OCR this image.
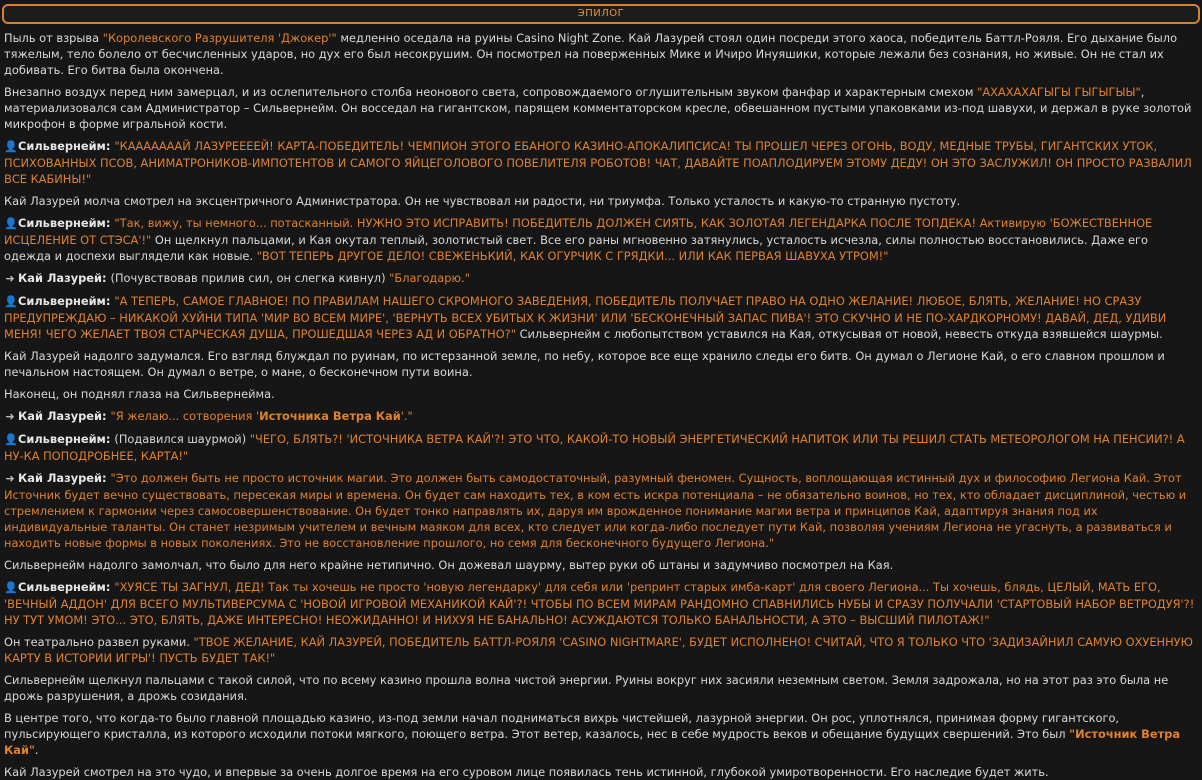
ЭПИЛОГ
Пыль от взрыва "Королевского Разрушителя 'Джокер'" медленно оседала на руины Casino Night Zone. Кай Лазурей стоял один посреди этого хаоса, победитель Баттл-Рояля. Его дыхание было тяжелым, тело болело от бесчисленных ударов, но дух его был несокрушим. Он посмотрел на поверженных Мике и Ичиро Инуяшики, которые лежали без сознания, но живые. Он не стал их добивать. Его битва была окончена.
Внезапно воздух перед ним замерцал, и из ослепительного столба неонового света, сопровождаемого оглушительным звуком фанфар и характерным смехом "АХАХАХАГЫГЫ ГЫГЫГЫЫ", материализовался сам Администратор – Сильвернейм. Он восседал на гигантском, парящем комментаторском кресле, обвешанном пустыми упаковками из-под шавухи, и держал в руке золотой микрофон в форме игральной кости.
👤Сильвернейм: "КАААААААЙ ЛАЗУРЕЕЕЕЙ! КАРТА-ПОБЕДИТЕЛЬ! ЧЕМПИОН ЭТОГО ЕБАНОГО КАЗИНО-АПОКАЛИПСИСА! ТЫ ПРОШЕЛ ЧЕРЕЗ ОГОНЬ, ВОДУ, МЕДНЫЕ ТРУБЫ, ГИГАНТСКИХ УТОК, ПСИХОВАННЫХ ПСОВ, АНИМАТРОНИКОВ-ИМПОТЕНТОВ И САМОГО ЯЙЦЕГОЛОВОГО ПОВЕЛИТЕЛЯ РОБОТОВ! ЧАТ, ДАВАЙТЕ ПОАПЛОДИРУЕМ ЭТОМУ ДЕДУ! ОН ЭТО ЗАСЛУЖИЛ! ОН ПРОСТО РАЗВАЛИЛ ВСЕ КАБИНЫ!"
Кай Лазурей молча смотрел на эксцентричного Администратора. Он не чувствовал ни радости, ни триумфа. Только усталость и какую-то странную пустоту.
👤Сильвернейм: "Так, вижу, ты немного... потасканный. НУЖНО ЭТО ИСПРАВИТЬ! ПОБЕДИТЕЛЬ ДОЛЖЕН СИЯТЬ, КАК ЗОЛОТАЯ ЛЕГЕНДАРКА ПОСЛЕ ТОПДЕКА! Активирую 'БОЖЕСТВЕННОЕ ИСЦЕЛЕНИЕ ОТ СТЭСА'!" Он щелкнул пальцами, и Кая окутал теплый, золотистый свет. Все его раны мгновенно затянулись, усталость исчезла, силы полностью восстановились. Даже его одежда и доспехи выглядели как новые. "ВОТ ТЕПЕРЬ ДРУГОЕ ДЕЛО! СВЕЖЕНЬКИЙ, КАК ОГУРЧИК С ГРЯДКИ... ИЛИ КАК ПЕРВАЯ ШАВУХА УТРОМ!"
➜ Кай Лазурей: (Почувствовав прилив сил, он слегка кивнул) "Благодарю."
👤Сильвернейм: "А ТЕПЕРЬ, САМОЕ ГЛАВНОЕ! ПО ПРАВИЛАМ НАШЕГО СКРОМНОГО ЗАВЕДЕНИЯ, ПОБЕДИТЕЛЬ ПОЛУЧАЕТ ПРАВО НА ОДНО ЖЕЛАНИЕ! ЛЮБОЕ, БЛЯТЬ, ЖЕЛАНИЕ! НО СРАЗУ ПРЕДУПРЕЖДАЮ – НИКАКОЙ ХУЙНИ ТИПА 'МИР ВО ВСЕМ МИРЕ', 'ВЕРНУТЬ ВСЕХ УБИТЫХ К ЖИЗНИ' ИЛИ 'БЕСКОНЕЧНЫЙ ЗАПАС ПИВА'! ЭТО СКУЧНО И НЕ ПО-ХАРДКОРНОМУ! ДАВАЙ, ДЕД, УДИВИ МЕНЯ! ЧЕГО ЖЕЛАЕТ ТВОЯ СТАРЧЕСКАЯ ДУША, ПРОШЕДШАЯ ЧЕРЕЗ АД И ОБРАТНО?" Сильвернейм с любопытством уставился на Кая, откусывая от новой, невесть откуда взявшейся шаурмы.
Кай Лазурей надолго задумался. Его взгляд блуждал по руинам, по истерзанной земле, по небу, которое все еще хранило следы его битв. Он думал о Легионе Кай, о его славном прошлом и печальном настоящем. Он думал о ветре, о мане, о бесконечном пути воина.
Наконец, он поднял глаза на Сильвернейма.
➜ Кай Лазурей: "Я желаю... сотворения 'Источника Ветра Кай'."
👤Сильвернейм: (Подавился шаурмой) "ЧЕГО, БЛЯТЬ?! 'ИСТОЧНИКА ВЕТРА КАЙ'?! ЭТО ЧТО, КАКОЙ-ТО НОВЫЙ ЭНЕРГЕТИЧЕСКИЙ НАПИТОК ИЛИ ТЫ РЕШИЛ СТАТЬ МЕТЕОРОЛОГОМ НА ПЕНСИИ?! А НУ-КА ПОПОДРОБНЕЕ, КАРТА!"
➜ Кай Лазурей: "Это должен быть не просто источник магии. Это должен быть самодостаточный, разумный феномен. Сущность, воплощающая истинный дух и философию Легиона Кай. Этот Источник будет вечно существовать, пересекая миры и времена. Он будет сам находить тех, в ком есть искра потенциала – не обязательно воинов, но тех, кто обладает дисциплиной, честью и стремлением к гармонии через самосовершенствование. Он будет тонко направлять их, даруя им врожденное понимание магии ветра и принципов Кай, адаптируя знания под их индивидуальные таланты. Он станет незримым учителем и вечным маяком для всех, кто следует или когда-либо последует пути Кай, позволяя учениям Легиона не угаснуть, а развиваться и находить новые формы в новых поколениях. Это не восстановление прошлого, но семя для бесконечного будущего Легиона."
Сильвернейм надолго замолчал, что было для него крайне нетипично. Он дожевал шаурму, вытер руки об штаны и задумчиво посмотрел на Кая.
👤Сильвернейм: "ХУЯСЕ ТЫ ЗАГНУЛ, ДЕД! Так ты хочешь не просто 'новую легендарку' для себя или 'репринт старых имба-карт' для своего Легиона... Ты хочешь, блядь, ЦЕЛЫЙ, МАТЬ ЕГО, 'ВЕЧНЫЙ АДДОН' ДЛЯ ВСЕГО МУЛЬТИВЕРСУМА С 'НОВОЙ ИГРОВОЙ МЕХАНИКОЙ КАЙ'?! ЧТОБЫ ПО ВСЕМ МИРАМ РАНДОМНО СПАВНИЛИСЬ НУБЫ И СРАЗУ ПОЛУЧАЛИ 'СТАРТОВЫЙ НАБОР ВЕТРОДУЯ'?! НУ ТУТ УМОМ! ЭТО... ЭТО, БЛЯТЬ, ДАЖЕ ИНТЕРЕСНО! НЕОЖИДАННО! И НИХУЯ НЕ БАНАЛЬНО! АСУЖДАЮТСЯ ТОЛЬКО БАНАЛЬНОСТИ, А ЭТО – ВЫСШИЙ ПИЛОТАЖ!"
Он театрально развел руками. "ТВОЕ ЖЕЛАНИЕ, КАЙ ЛАЗУРЕЙ, ПОБЕДИТЕЛЬ БАТТЛ-РОЯЛЯ 'CASINO NIGHTMARE', БУДЕТ ИСПОЛНЕНО! СЧИТАЙ, ЧТО Я ТОЛЬКО ЧТО 'ЗАДИЗАЙНИЛ САМУЮ ОХУЕННУЮ КАРТУ В ИСТОРИИ ИГРЫ'! ПУСТЬ БУДЕТ ТАК!"
Сильвернейм щелкнул пальцами с такой силой, что по всему казино прошла волна чистой энергии. Руины вокруг них засияли неземным светом. Земля задрожала, но на этот раз это была не дрожь разрушения, а дрожь созидания.
В центре того, что когда-то было главной площадью казино, из-под земли начал подниматься вихрь чистейшей, лазурной энергии. Он рос, уплотнялся, принимая форму гигантского, пульсирующего кристалла, из которого исходили потоки мягкого, поющего ветра. Этот ветер, казалось, нес в себе мудрость веков и обещание будущих свершений. Это был "Источник Ветра Кай".
Кай Лазурей смотрел на это чудо, и впервые за очень долгое время на его суровом лице появилась тень истинной, глубокой умиротворенности. Его наследие будет жить.
